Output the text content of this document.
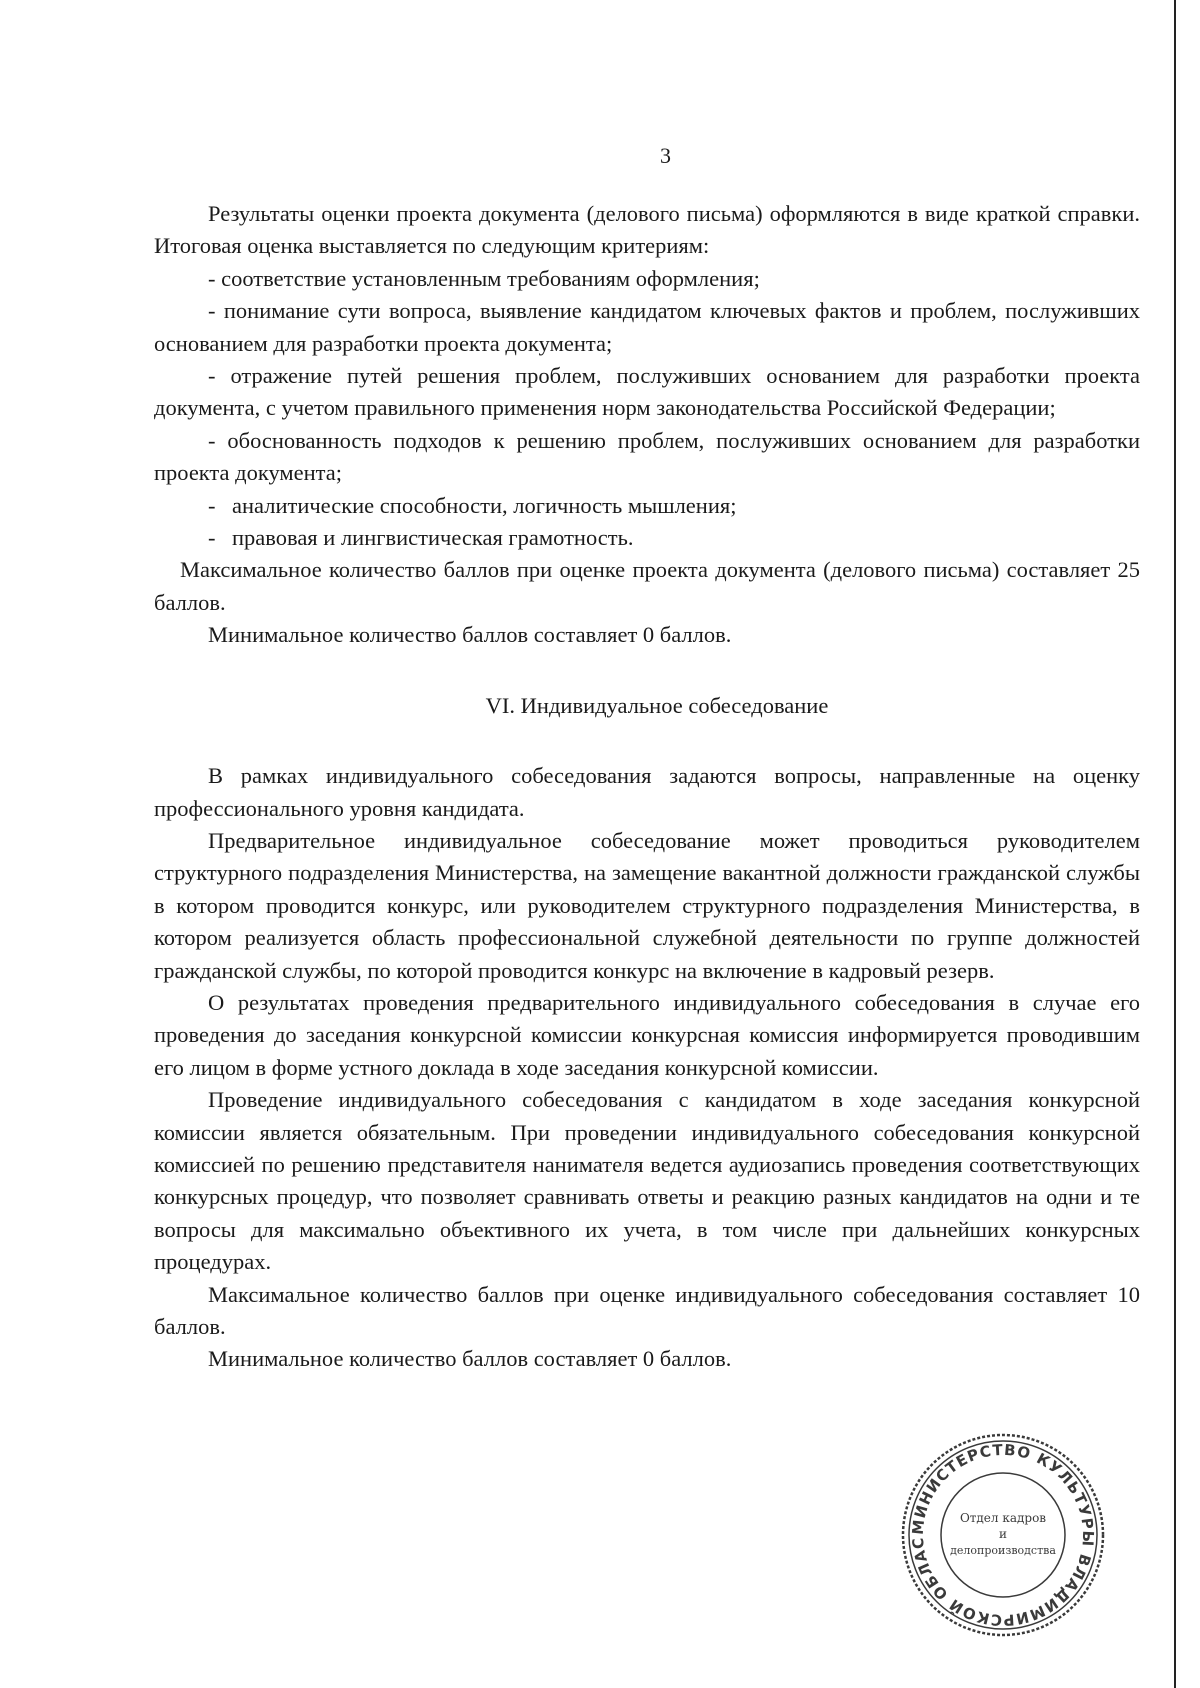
3

Результаты оценки проекта документа (делового письма) оформляются в виде краткой справки. Итоговая оценка выставляется по следующим критериям:

- соответствие установленным требованиям оформления;

- понимание сути вопроса, выявление кандидатом ключевых фактов и проблем, послуживших основанием для разработки проекта документа;

- отражение путей решения проблем, послуживших основанием для разработки проекта документа, с учетом правильного применения норм законодательства Российской Федерации;

- обоснованность подходов к решению проблем, послуживших основанием для разработки проекта документа;

- аналитические способности, логичность мышления;

- правовая и лингвистическая грамотность.

Максимальное количество баллов при оценке проекта документа (делового письма) составляет 25 баллов.

Минимальное количество баллов составляет 0 баллов.

VI. Индивидуальное собеседование

В рамках индивидуального собеседования задаются вопросы, направленные на оценку профессионального уровня кандидата.

Предварительное индивидуальное собеседование может проводиться руководителем структурного подразделения Министерства, на замещение вакантной должности гражданской службы в котором проводится конкурс, или руководителем структурного подразделения Министерства, в котором реализуется область профессиональной служебной деятельности по группе должностей гражданской службы, по которой проводится конкурс на включение в кадровый резерв.

О результатах проведения предварительного индивидуального собеседования в случае его проведения до заседания конкурсной комиссии конкурсная комиссия информируется проводившим его лицом в форме устного доклада в ходе заседания конкурсной комиссии.

Проведение индивидуального собеседования с кандидатом в ходе заседания конкурсной комиссии является обязательным. При проведении индивидуального собеседования конкурсной комиссией по решению представителя нанимателя ведется аудиозапись проведения соответствующих конкурсных процедур, что позволяет сравнивать ответы и реакцию разных кандидатов на одни и те вопросы для максимально объективного их учета, в том числе при дальнейших конкурсных процедурах.

Максимальное количество баллов при оценке индивидуального собеседования составляет 10 баллов.

Минимальное количество баллов составляет 0 баллов.

МИНИСТЕРСТВО КУЛЬТУРЫ ВЛАДИМИРСКОЙ ОБЛАС
Отдел кадров
и
делопроизводства
